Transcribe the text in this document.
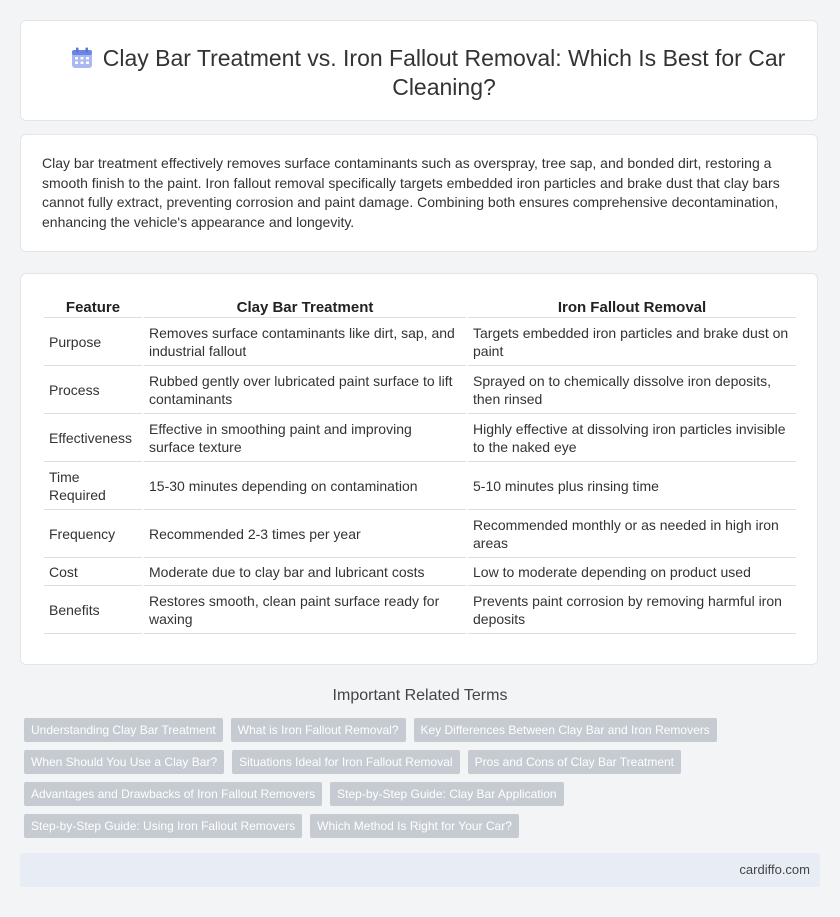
Clay Bar Treatment vs. Iron Fallout Removal: Which Is Best for Car Cleaning?

Clay bar treatment effectively removes surface contaminants such as overspray, tree sap, and bonded dirt, restoring a smooth finish to the paint. Iron fallout removal specifically targets embedded iron particles and brake dust that clay bars cannot fully extract, preventing corrosion and paint damage. Combining both ensures comprehensive decontamination, enhancing the vehicle's appearance and longevity.

Feature	Clay Bar Treatment	Iron Fallout Removal
Purpose	Removes surface contaminants like dirt, sap, and industrial fallout	Targets embedded iron particles and brake dust on paint
Process	Rubbed gently over lubricated paint surface to lift contaminants	Sprayed on to chemically dissolve iron deposits, then rinsed
Effectiveness	Effective in smoothing paint and improving surface texture	Highly effective at dissolving iron particles invisible to the naked eye
Time Required	15-30 minutes depending on contamination	5-10 minutes plus rinsing time
Frequency	Recommended 2-3 times per year	Recommended monthly or as needed in high iron areas
Cost	Moderate due to clay bar and lubricant costs	Low to moderate depending on product used
Benefits	Restores smooth, clean paint surface ready for waxing	Prevents paint corrosion by removing harmful iron deposits
Important Related Terms
Understanding Clay Bar Treatment	What is Iron Fallout Removal?	Key Differences Between Clay Bar and Iron Removers
When Should You Use a Clay Bar?	Situations Ideal for Iron Fallout Removal	Pros and Cons of Clay Bar Treatment
Advantages and Drawbacks of Iron Fallout Removers	Step-by-Step Guide: Clay Bar Application
Step-by-Step Guide: Using Iron Fallout Removers	Which Method Is Right for Your Car?
cardiffo.com
